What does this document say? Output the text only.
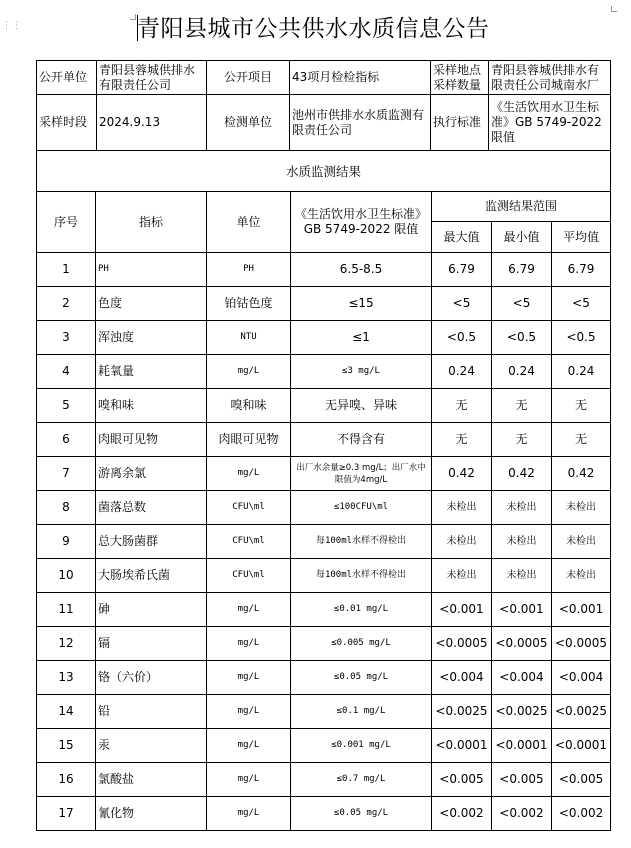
⋮⋮	青阳县城市公共供水水质信息公告
公开单位	青阳县蓉城供排水有限责任公司	公开项目	43项月检检指标	采样地点采样数量	青阳县蓉城供排水有限责任公司城南水厂
采样时段	2024.9.13	检测单位	池州市供排水水质监测有限责任公司	执行标准	《生活饮用水卫生标准》GB 5749-2022 限值
水质监测结果						
序号	指标	单位	《生活饮用水卫生标准》GB 5749-2022 限值	监测结果范围		
				最大值	最小值	平均值
1	PH	PH	6.5-8.5	6.79	6.79	6.79
2	色度	铂钴色度	≤15	<5	<5	<5
3	浑浊度	NTU	≤1	<0.5	<0.5	<0.5
4	耗氧量	mg/L	≤3 mg/L	0.24	0.24	0.24
5	嗅和味	嗅和味	无异嗅、异味	无	无	无
6	肉眼可见物	肉眼可见物	不得含有	无	无	无
7	游离余氯	mg/L	出厂水余量≥0.3 mg/L；出厂水中限值为4mg/L	0.42	0.42	0.42
8	菌落总数	CFU\ml	≤100CFU\ml	未检出	未检出	未检出
9	总大肠菌群	CFU\ml	每100ml水样不得检出	未检出	未检出	未检出
10	大肠埃希氏菌	CFU\ml	每100ml水样不得检出	未检出	未检出	未检出
11	砷	mg/L	≤0.01 mg/L	<0.001	<0.001	<0.001
12	镉	mg/L	≤0.005 mg/L	<0.0005	<0.0005	<0.0005
13	铬（六价）	mg/L	≤0.05 mg/L	<0.004	<0.004	<0.004
14	铅	mg/L	≤0.1 mg/L	<0.0025	<0.0025	<0.0025
15	汞	mg/L	≤0.001 mg/L	<0.0001	<0.0001	<0.0001
16	氯酸盐	mg/L	≤0.7 mg/L	<0.005	<0.005	<0.005
17	氰化物	mg/L	≤0.05 mg/L	<0.002	<0.002	<0.002
